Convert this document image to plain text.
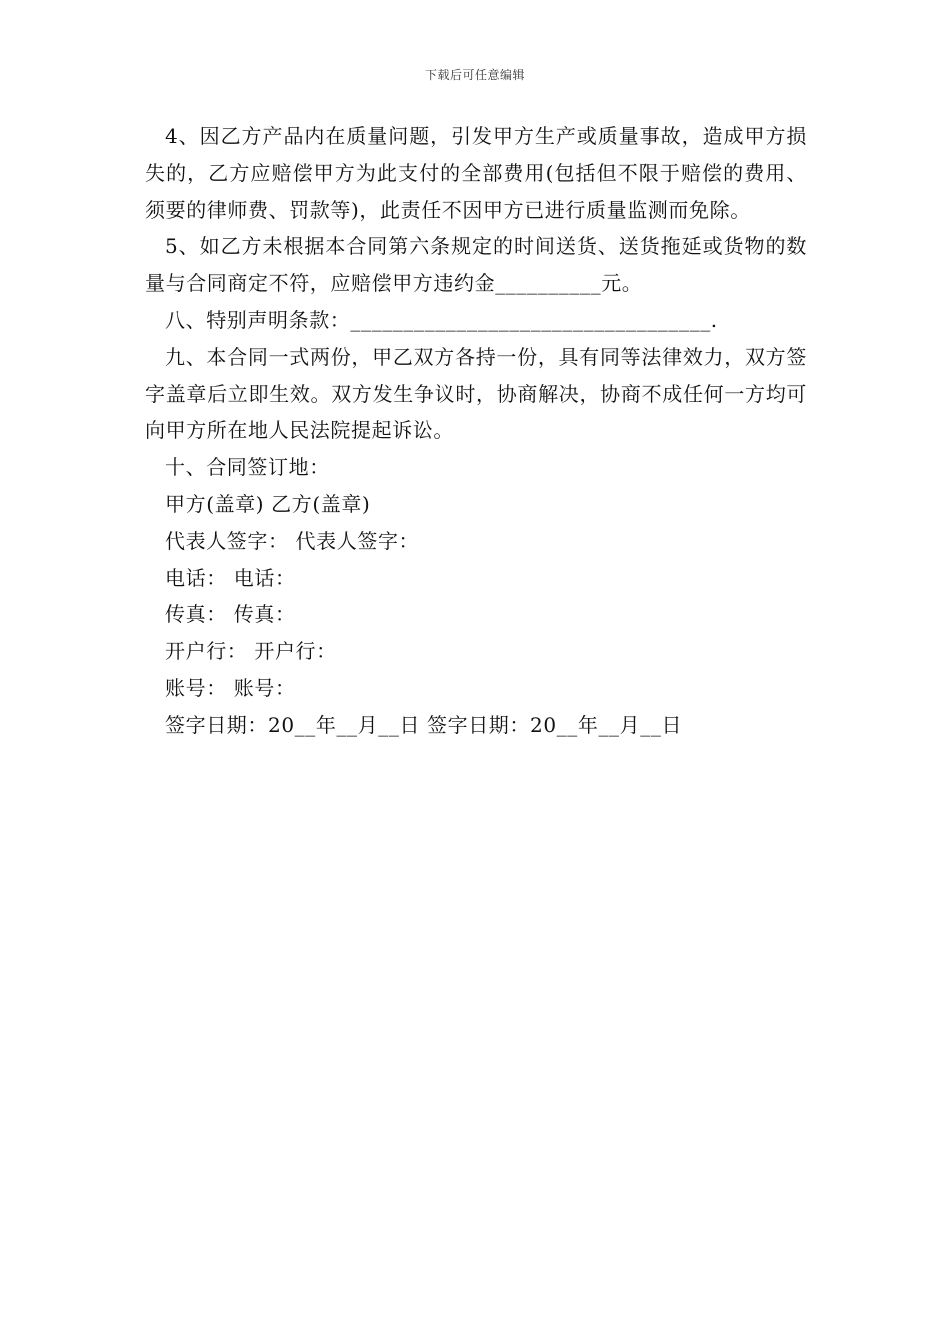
下载后可任意编辑

4、因乙方产品内在质量问题，引发甲方生产或质量事故，造成甲方损失的，乙方应赔偿甲方为此支付的全部费用(包括但不限于赔偿的费用、须要的律师费、罚款等)，此责任不因甲方已进行质量监测而免除。

5、如乙方未根据本合同第六条规定的时间送货、送货拖延或货物的数量与合同商定不符，应赔偿甲方违约金__________元。

八、特别声明条款：__________________________________.

九、本合同一式两份，甲乙双方各持一份，具有同等法律效力，双方签字盖章后立即生效。双方发生争议时，协商解决，协商不成任何一方均可向甲方所在地人民法院提起诉讼。

十、合同签订地：

甲方(盖章) 乙方(盖章)

代表人签字： 代表人签字：

电话： 电话：

传真： 传真：

开户行： 开户行：

账号： 账号：

签字日期：20__年__月__日 签字日期：20__年__月__日
